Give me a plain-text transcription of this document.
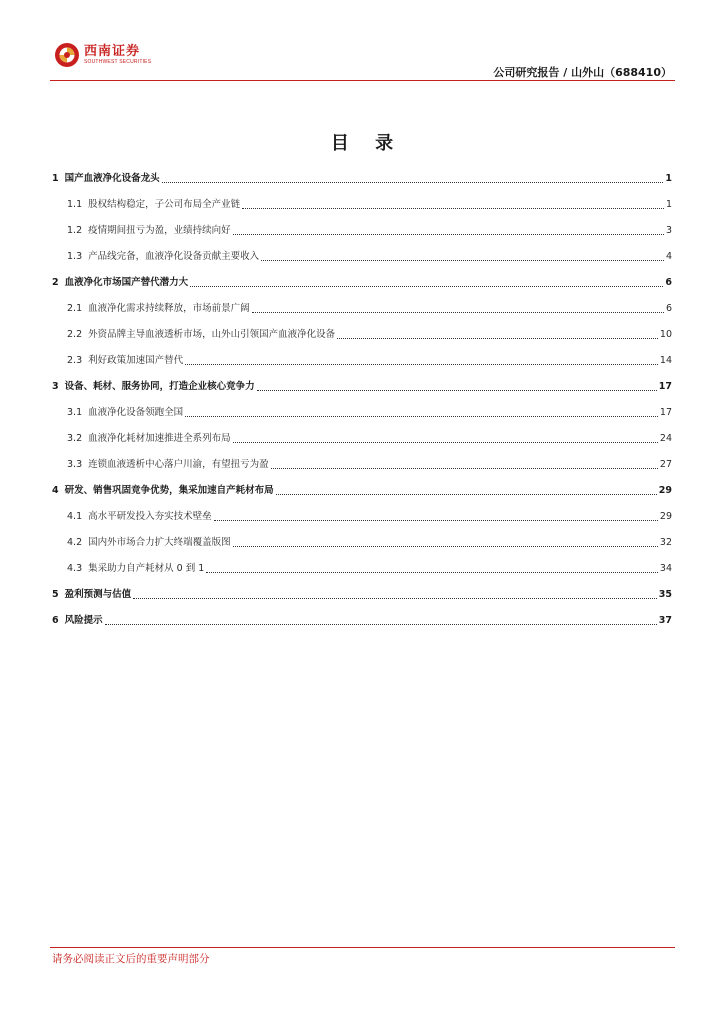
西南证券
SOUTHWEST SECURITIES
公司研究报告 / 山外山（688410）
目 录
1 国产血液净化设备龙头	1
1.1 股权结构稳定，子公司布局全产业链	1
1.2 疫情期间扭亏为盈，业绩持续向好	3
1.3 产品线完备，血液净化设备贡献主要收入	4
2 血液净化市场国产替代潜力大	6
2.1 血液净化需求持续释放，市场前景广阔	6
2.2 外资品牌主导血液透析市场，山外山引领国产血液净化设备	10
2.3 利好政策加速国产替代	14
3 设备、耗材、服务协同，打造企业核心竞争力	17
3.1 血液净化设备领跑全国	17
3.2 血液净化耗材加速推进全系列布局	24
3.3 连锁血液透析中心落户川渝，有望扭亏为盈	27
4 研发、销售巩固竞争优势，集采加速自产耗材布局	29
4.1 高水平研发投入夯实技术壁垒	29
4.2 国内外市场合力扩大终端覆盖版图	32
4.3 集采助力自产耗材从 0 到 1	34
5 盈利预测与估值	35
6 风险提示	37
请务必阅读正文后的重要声明部分
